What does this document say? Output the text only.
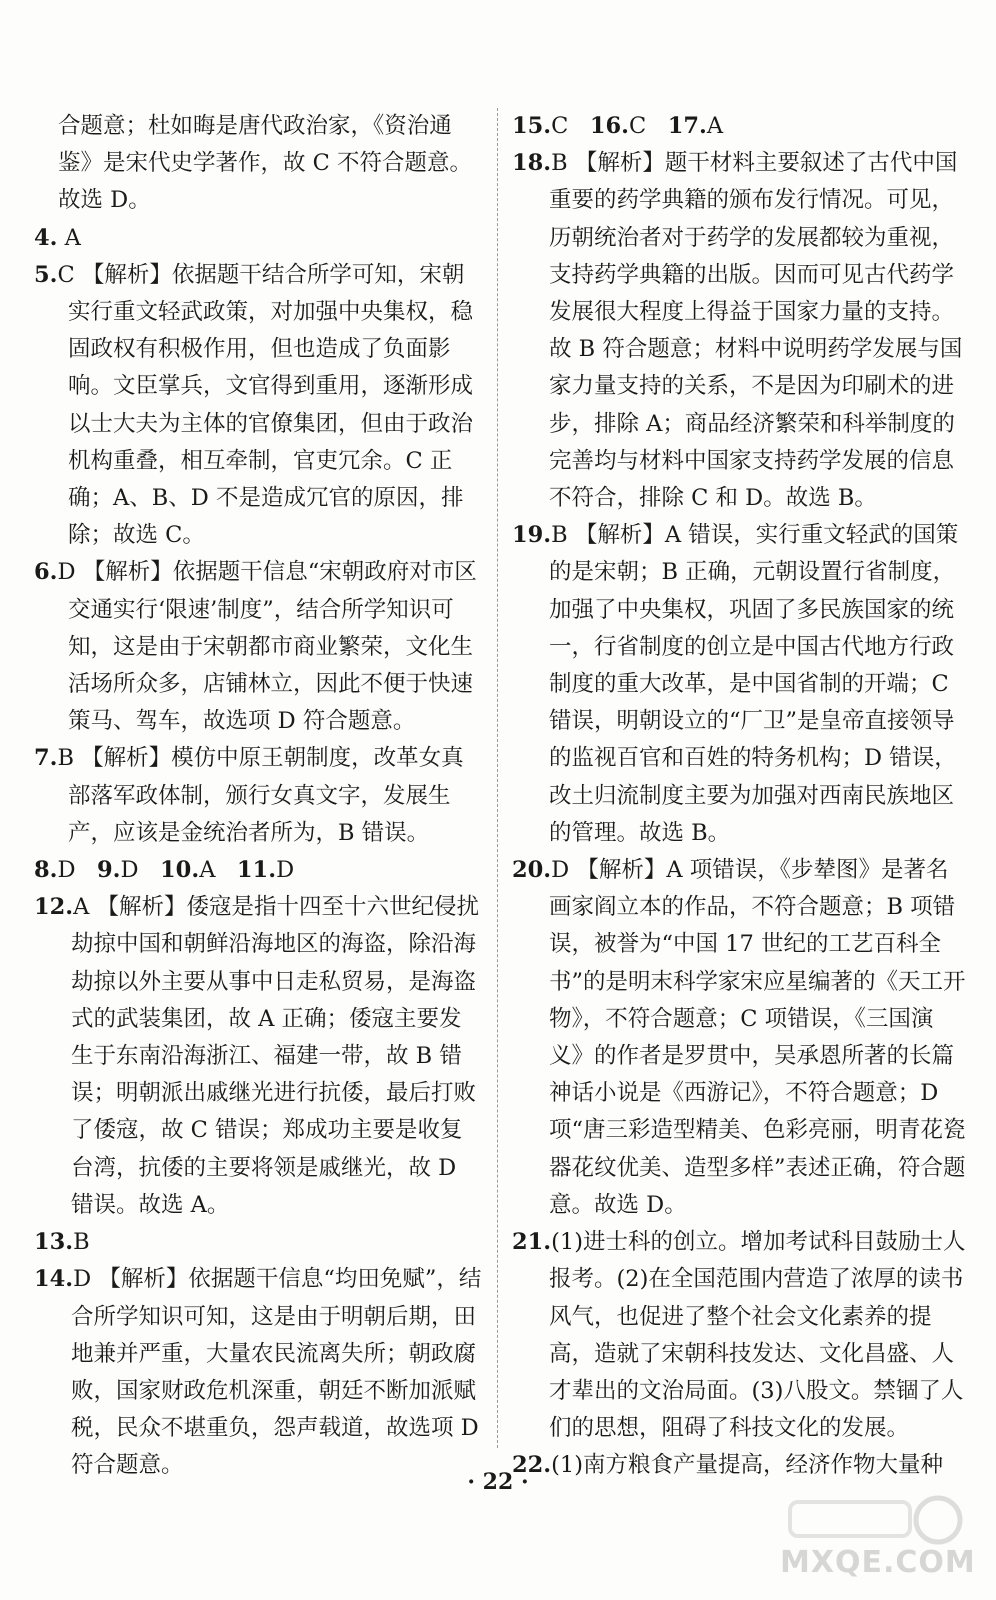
合题意；杜如晦是唐代政治家，《资治通鉴》是宋代史学著作，故 C 不符合题意。故选 D。
4. A
5.C 【解析】依据题干结合所学可知，宋朝实行重文轻武政策，对加强中央集权，稳固政权有积极作用，但也造成了负面影响。文臣掌兵，文官得到重用，逐渐形成以士大夫为主体的官僚集团，但由于政治机构重叠，相互牵制，官吏冗余。C 正确；A、B、D 不是造成冗官的原因，排除；故选 C。
6.D 【解析】依据题干信息“宋朝政府对市区交通实行‘限速’制度”，结合所学知识可知，这是由于宋朝都市商业繁荣，文化生活场所众多，店铺林立，因此不便于快速策马、驾车，故选项 D 符合题意。
7.B 【解析】模仿中原王朝制度，改革女真部落军政体制，颁行女真文字，发展生产，应该是金统治者所为，B 错误。
8.D 9.D 10.A 11.D
12.A 【解析】倭寇是指十四至十六世纪侵扰劫掠中国和朝鲜沿海地区的海盗，除沿海劫掠以外主要从事中日走私贸易，是海盗式的武装集团，故 A 正确；倭寇主要发生于东南沿海浙江、福建一带，故 B 错误；明朝派出戚继光进行抗倭，最后打败了倭寇，故 C 错误；郑成功主要是收复台湾，抗倭的主要将领是戚继光，故 D 错误。故选 A。
13.B
14.D 【解析】依据题干信息“均田免赋”，结合所学知识可知，这是由于明朝后期，田地兼并严重，大量农民流离失所；朝政腐败，国家财政危机深重，朝廷不断加派赋税，民众不堪重负，怨声载道，故选项 D 符合题意。
15.C 16.C 17.A
18.B 【解析】题干材料主要叙述了古代中国重要的药学典籍的颁布发行情况。可见，历朝统治者对于药学的发展都较为重视，支持药学典籍的出版。因而可见古代药学发展很大程度上得益于国家力量的支持。故 B 符合题意；材料中说明药学发展与国家力量支持的关系，不是因为印刷术的进步，排除 A；商品经济繁荣和科举制度的完善均与材料中国家支持药学发展的信息不符合，排除 C 和 D。故选 B。
19.B 【解析】A 错误，实行重文轻武的国策的是宋朝；B 正确，元朝设置行省制度，加强了中央集权，巩固了多民族国家的统一，行省制度的创立是中国古代地方行政制度的重大改革，是中国省制的开端；C 错误，明朝设立的“厂卫”是皇帝直接领导的监视百官和百姓的特务机构；D 错误，改土归流制度主要为加强对西南民族地区的管理。故选 B。
20.D 【解析】A 项错误，《步辇图》是著名画家阎立本的作品，不符合题意；B 项错误，被誉为“中国 17 世纪的工艺百科全书”的是明末科学家宋应星编著的《天工开物》，不符合题意；C 项错误，《三国演义》的作者是罗贯中，吴承恩所著的长篇神话小说是《西游记》，不符合题意；D 项“唐三彩造型精美、色彩亮丽，明青花瓷器花纹优美、造型多样”表述正确，符合题意。故选 D。
21.(1)进士科的创立。增加考试科目鼓励士人报考。(2)在全国范围内营造了浓厚的读书风气，也促进了整个社会文化素养的提高，造就了宋朝科技发达、文化昌盛、人才辈出的文治局面。(3)八股文。禁锢了人们的思想，阻碍了科技文化的发展。
22.(1)南方粮食产量提高，经济作物大量种
· 22 ·
MXQE.COM
